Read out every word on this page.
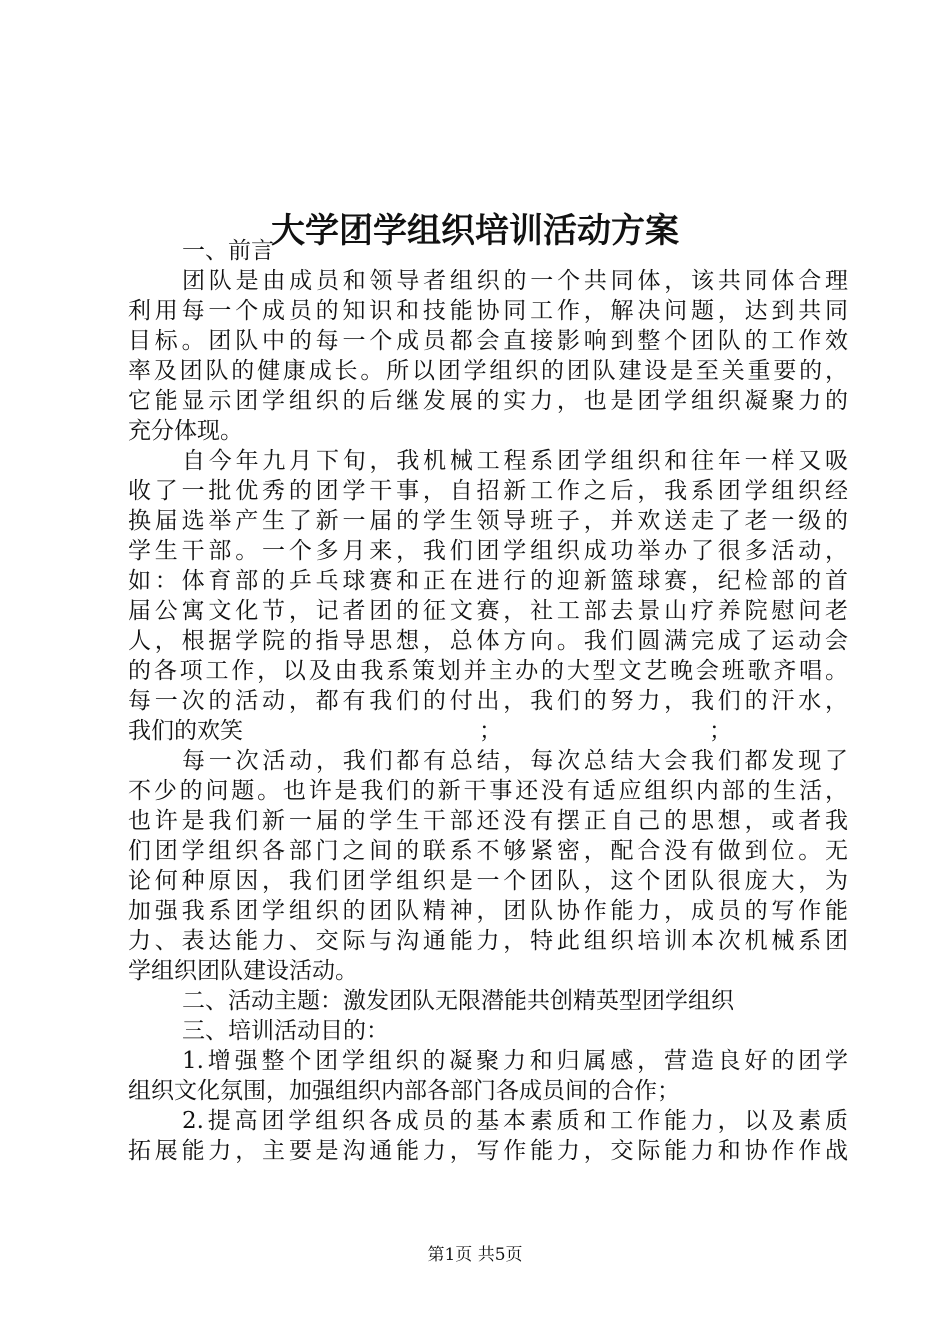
大学团学组织培训活动方案
一、前言
团队是由成员和领导者组织的一个共同体，该共同体合理
利用每一个成员的知识和技能协同工作，解决问题，达到共同
目标。团队中的每一个成员都会直接影响到整个团队的工作效
率及团队的健康成长。所以团学组织的团队建设是至关重要的，
它能显示团学组织的后继发展的实力，也是团学组织凝聚力的
充分体现。
自今年九月下旬，我机械工程系团学组织和往年一样又吸
收了一批优秀的团学干事，自招新工作之后，我系团学组织经
换届选举产生了新一届的学生领导班子，并欢送走了老一级的
学生干部。一个多月来，我们团学组织成功举办了很多活动，
如：体育部的乒乓球赛和正在进行的迎新篮球赛，纪检部的首
届公寓文化节，记者团的征文赛，社工部去景山疗养院慰问老
人，根据学院的指导思想，总体方向。我们圆满完成了运动会
的各项工作，以及由我系策划并主办的大型文艺晚会班歌齐唱。
每一次的活动，都有我们的付出，我们的努力，我们的汗水，
我们的欢笑	；	；
每一次活动，我们都有总结，每次总结大会我们都发现了
不少的问题。也许是我们的新干事还没有适应组织内部的生活，
也许是我们新一届的学生干部还没有摆正自己的思想，或者我
们团学组织各部门之间的联系不够紧密，配合没有做到位。无
论何种原因，我们团学组织是一个团队，这个团队很庞大，为
加强我系团学组织的团队精神，团队协作能力，成员的写作能
力、表达能力、交际与沟通能力，特此组织培训本次机械系团
学组织团队建设活动。
二、活动主题：激发团队无限潜能共创精英型团学组织
三、培训活动目的：
1.增强整个团学组织的凝聚力和归属感，营造良好的团学
组织文化氛围，加强组织内部各部门各成员间的合作；
2.提高团学组织各成员的基本素质和工作能力，以及素质
拓展能力，主要是沟通能力，写作能力，交际能力和协作作战
第1页 共5页
